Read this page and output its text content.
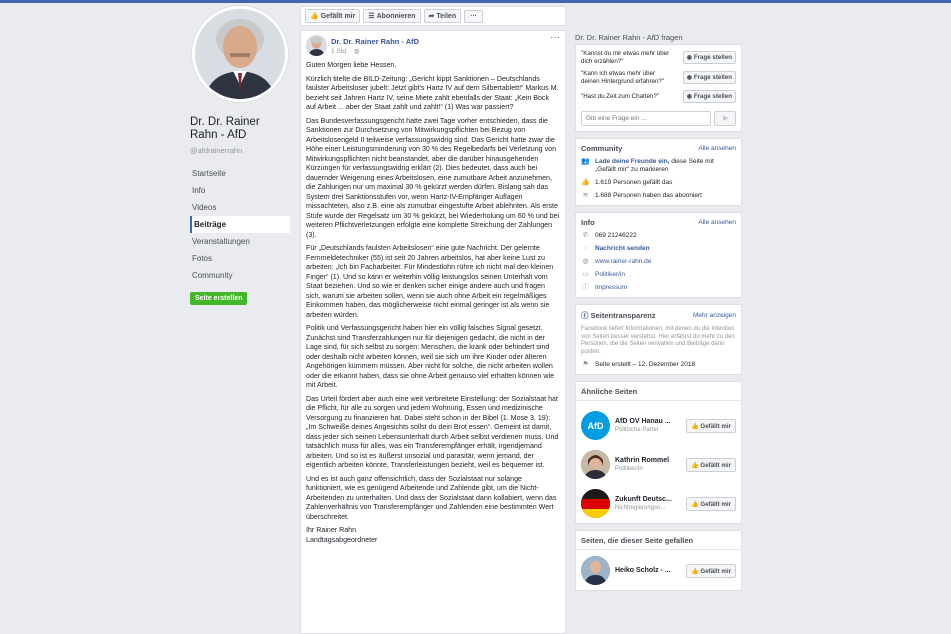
Dr. Dr. Rainer Rahn - AfD
@afdrainerrahn
Startseite
Info
Videos
Beiträge
Veranstaltungen
Fotos
Community
Seite erstellen
👍 Gefällt mir ☰ Abonnieren ➦ Teilen	···
Dr. Dr. Rainer Rahn - AfD
1 Std. · ◍
···

Guten Morgen liebe Hessen,

Kürzlich titelte die BILD-Zeitung: „Gericht kippt Sanktionen – Deutschlands faulster Arbeitsloser jubelt: Jetzt gibt's Hartz IV auf dem Silbertablett!“ Markus M. bezieht seit Jahren Hartz IV, seine Miete zahlt ebenfalls der Staat: „Kein Bock auf Arbeit ... aber der Staat zahlt und zahlt!“ (1) Was war passiert?

Das Bundesverfassungsgericht hatte zwei Tage vorher entschieden, dass die Sanktionen zur Durchsetzung von Mitwirkungspflichten bei Bezug von Arbeitslosengeld II teilweise verfassungswidrig sind. Das Gericht hatte zwar die Höhe einer Leistungsminderung von 30 % des Regelbedarfs bei Verletzung von Mitwirkungspflichten nicht beanstandet, aber die darüber hinausgehenden Kürzungen für verfassungswidrig erklärt (2). Dies bedeutet, dass auch bei dauernder Weigerung eines Arbeitslosen, eine zumutbare Arbeit anzunehmen, die Zahlungen nur um maximal 30 % gekürzt werden dürfen. Bislang sah das System drei Sanktionsstufen vor, wenn Hartz-IV-Empfänger Auflagen missachteten, also z.B. eine als zumutbar eingestufte Arbeit ablehnten. Als erste Stufe wurde der Regelsatz um 30 % gekürzt, bei Wiederholung um 60 % und bei weiteren Pflichtverletzungen erfolgte eine komplette Streichung der Zahlungen (3).

Für „Deutschlands faulsten Arbeitslosen“ eine gute Nachricht. Der gelernte Fernmeldetechniker (55) ist seit 20 Jahren arbeitslos, hat aber keine Lust zu arbeiten: „Ich bin Facharbeiter. Für Mindestlohn rühre ich nicht mal den kleinen Finger“ (1). Und so kann er weiterhin völlig leistungslos seinen Unterhalt vom Staat beziehen. Und so wie er denken sicher einige andere auch und fragen sich, warum sie arbeiten sollen, wenn sie auch ohne Arbeit ein regelmäßiges Einkommen haben, das möglicherweise nicht einmal geringer ist als wenn sie arbeiten würden.

Politik und Verfassungsgericht haben hier ein völlig falsches Signal gesetzt. Zunächst sind Transferzahlungen nur für diejenigen gedacht, die nicht in der Lage sind, für sich selbst zu sorgen: Menschen, die krank oder behindert sind oder deshalb nicht arbeiten können, weil sie sich um ihre Kinder oder älteren Angehörigen kümmern müssen. Aber nicht für solche, die nicht arbeiten wollen oder die erkannt haben, dass sie ohne Arbeit genauso viel erhalten können wie mit Arbeit.

Das Urteil fördert aber auch eine weit verbreitete Einstellung: der Sozialstaat hat die Pflicht, für alle zu sorgen und jedem Wohnung, Essen und medizinische Versorgung zu finanzieren hat. Dabei steht schon in der Bibel (1. Mose 3, 19): „Im Schweiße deines Angesichts sollst du dein Brot essen“. Gemeint ist damit, dass jeder sich seinen Lebensunterhalt durch Arbeit selbst verdienen muss. Und tatsächlich muss für alles, was ein Transferempfänger erhält, irgendjemand arbeiten. Und so ist es äußerst unsozial und parasitär, wenn jemand, der eigentlich arbeiten könnte, Transferleistungen bezieht, weil es bequemer ist.

Und es ist auch ganz offensichtlich, dass der Sozialstaat nur solange funktioniert, wie es genügend Arbeitende und Zahlende gibt, um die Nicht-Arbeitenden zu unterhalten. Und dass der Sozialstaat dann kollabiert, wenn das Zahlenverhältnis von Transferempfänger und Zahlenden eine bestimmten Wert überschreitet.

Ihr Rainer Rahn
Landtagsabgeordneter

Dr. Dr. Rainer Rahn - AfD fragen
"Kannst du mir etwas mehr über dich erzählen?"	◉ Frage stellen
"Kann ich etwas mehr über deinen Hintergrund erfahren?"	◉ Frage stellen
"Hast du Zeit zum Chatten?"	◉ Frage stellen
Gib eine Frage ein ...
➤
Community	Alle ansehen
👥 Lade deine Freunde ein, diese Seite mit „Gefällt mir" zu markieren
👍 1.619 Personen gefällt das
≋ 1.688 Personen haben das abonniert
Info	Alle ansehen
✆ 069 21246222
◌	Nachricht senden
◍ www.rainer-rahn.de
▭ Politiker/in
ⓘ Impressum
ⓕ Seitentransparenz	Mehr anzeigen
Facebook liefert Informationen, mit denen du die Intention von Seiten besser verstehst. Hier erfährst du mehr zu den Personen, die die Seiten verwalten und Beiträge darin posten.
⚑ Seite erstellt – 12. Dezember 2018
Ähnliche Seiten
AfD	AfD OV Hanau ...
Politische Partei
👍 Gefällt mir
Kathrin Rommel
Politiker/in
👍 Gefällt mir
Zukunft Deutsc...
Nichtregierungso...
👍 Gefällt mir
Seiten, die dieser Seite gefallen
Heiko Scholz - ...	👍 Gefällt mir
